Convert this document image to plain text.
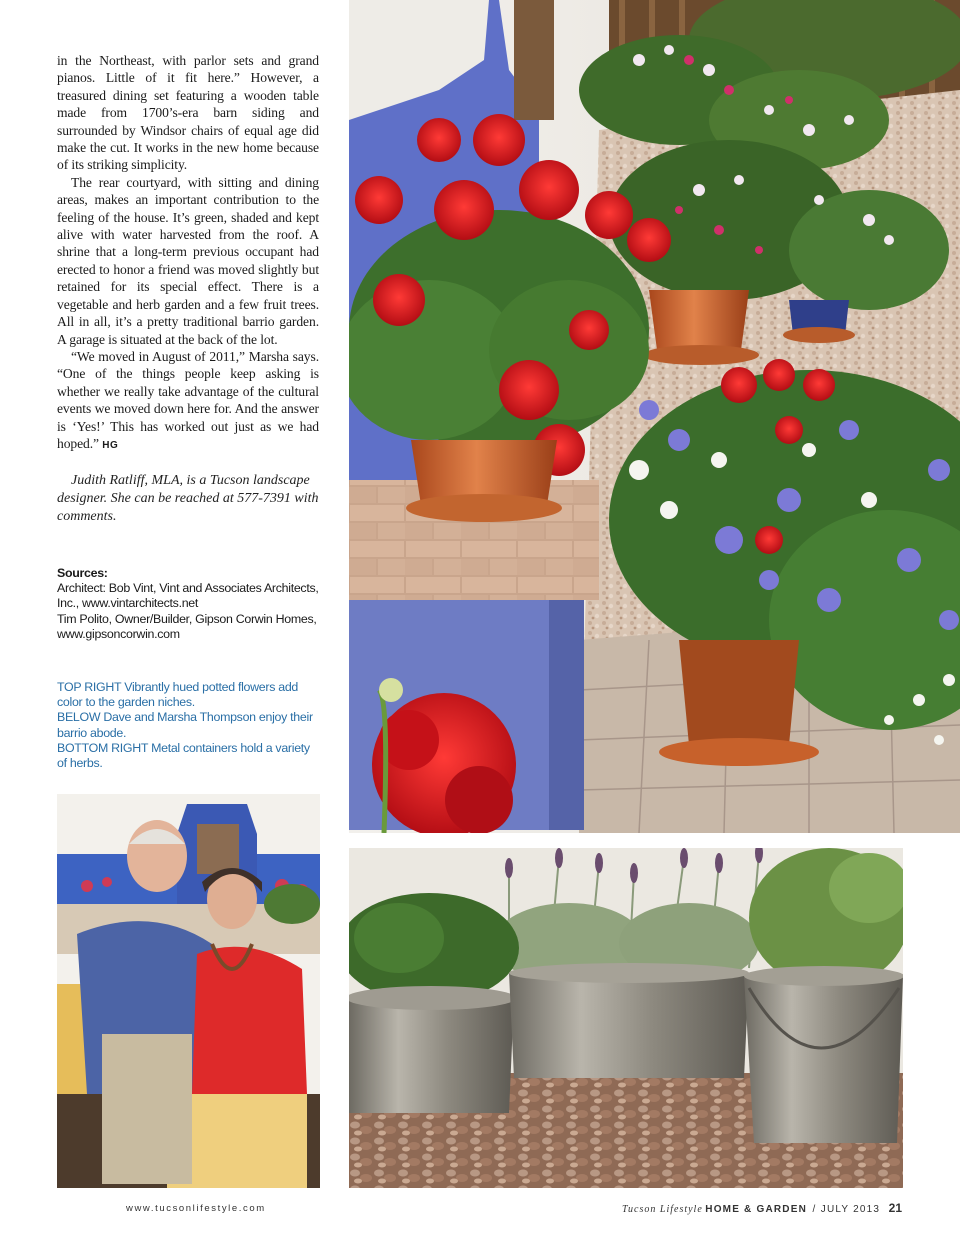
in the Northeast, with parlor sets and grand pianos. Little of it fit here.” However, a treasured dining set featuring a wooden table made from 1700’s-era barn siding and surrounded by Windsor chairs of equal age did make the cut. It works in the new home because of its striking simplicity.

The rear courtyard, with sitting and dining areas, makes an important contribution to the feeling of the house. It’s green, shaded and kept alive with water harvested from the roof. A shrine that a long-term previous occupant had erected to honor a friend was moved slightly but retained for its special effect. There is a vegetable and herb garden and a few fruit trees. All in all, it’s a pretty traditional barrio garden. A garage is situated at the back of the lot.

“We moved in August of 2011,” Marsha says. “One of the things people keep asking is whether we really take advantage of the cultural events we moved down here for. And the answer is ‘Yes!’ This has worked out just as we had hoped.” HG

Judith Ratliff, MLA, is a Tucson landscape designer. She can be reached at 577-7391 with comments.

Sources:
Architect: Bob Vint, Vint and Associates Architects, Inc., www.vintarchitects.net
Tim Polito, Owner/Builder, Gipson Corwin Homes, www.gipsoncorwin.com
TOP RIGHT Vibrantly hued potted flowers add color to the garden niches.
BELOW Dave and Marsha Thompson enjoy their barrio abode.
BOTTOM RIGHT Metal containers hold a variety of herbs.
www.tucsonlifestyle.com	Tucson Lifestyle HOME & GARDEN / JULY 2013 21
